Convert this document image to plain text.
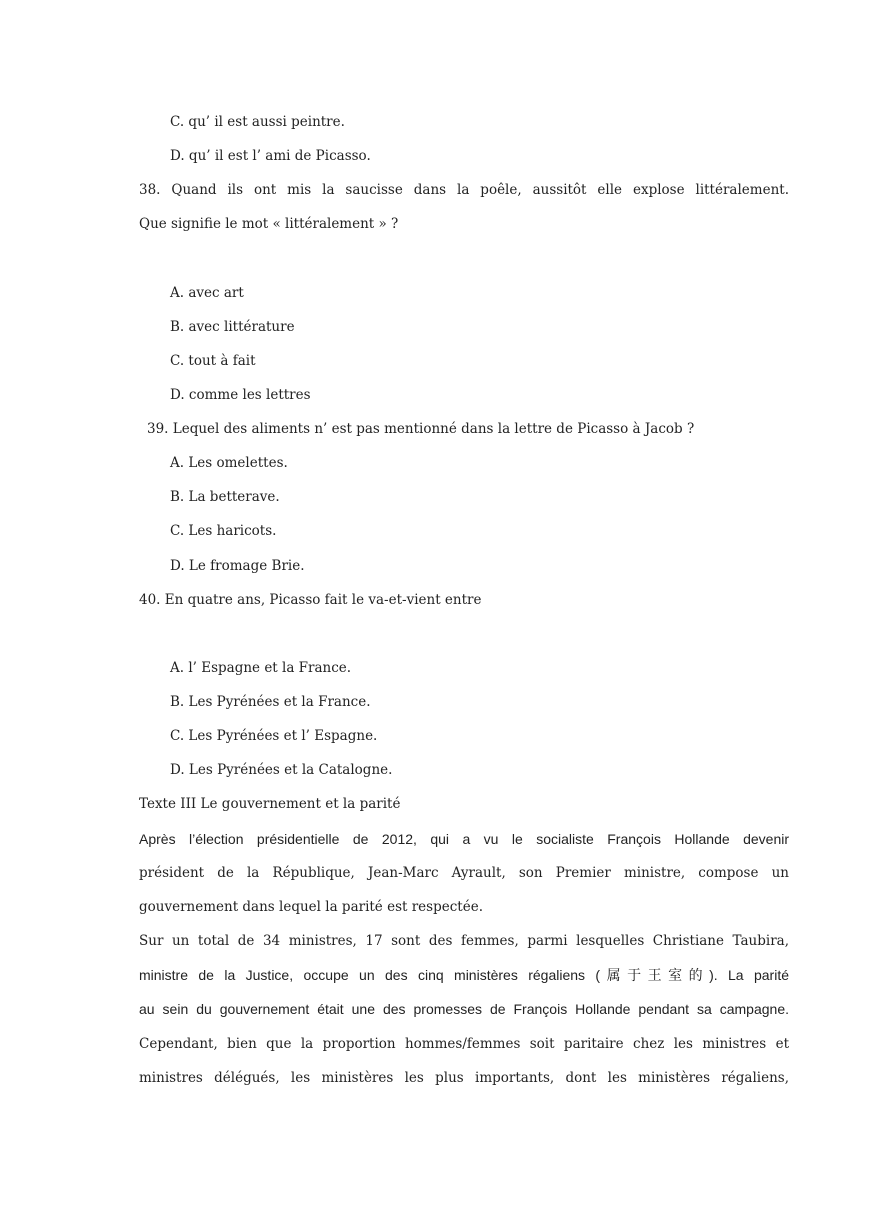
C. qu’ il est aussi peintre.
D. qu’ il est l’ ami de Picasso.
38. Quand ils ont mis la saucisse dans la poêle, aussitôt elle explose littéralement.
Que signifie le mot « littéralement » ?
A. avec art
B. avec littérature
C. tout à fait
D. comme les lettres
39. Lequel des aliments n’ est pas mentionné dans la lettre de Picasso à Jacob ?
A. Les omelettes.
B. La betterave.
C. Les haricots.
D. Le fromage Brie.
40. En quatre ans, Picasso fait le va-et-vient entre
A. l’ Espagne et la France.
B. Les Pyrénées et la France.
C. Les Pyrénées et l’ Espagne.
D. Les Pyrénées et la Catalogne.
Texte III Le gouvernement et la parité
Après l’élection présidentielle de 2012, qui a vu le socialiste François Hollande devenir
président de la République, Jean-Marc Ayrault, son Premier ministre, compose un
gouvernement dans lequel la parité est respectée.
Sur un total de 34 ministres, 17 sont des femmes, parmi lesquelles Christiane Taubira,
ministre de la Justice, occupe un des cinq ministères régaliens (属于王室的). La parité
au sein du gouvernement était une des promesses de François Hollande pendant sa campagne.
Cependant, bien que la proportion hommes/femmes soit paritaire chez les ministres et
ministres délégués, les ministères les plus importants, dont les ministères régaliens,
